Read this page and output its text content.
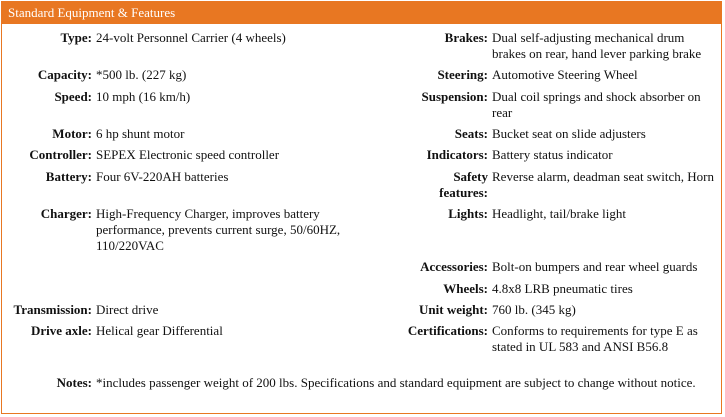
Standard Equipment & Features
Type: 24-volt Personnel Carrier (4 wheels)
Capacity: *500 lb. (227 kg)
Speed: 10 mph (16 km/h)
Motor: 6 hp shunt motor
Controller: SEPEX Electronic speed controller
Battery: Four 6V-220AH batteries
Charger: High-Frequency Charger, improves battery performance, prevents current surge, 50/60HZ, 110/220VAC
Transmission: Direct drive
Drive axle: Helical gear Differential
Brakes: Dual self-adjusting mechanical drum brakes on rear, hand lever parking brake
Steering: Automotive Steering Wheel
Suspension: Dual coil springs and shock absorber on rear
Seats: Bucket seat on slide adjusters
Indicators: Battery status indicator
Safety features:
Reverse alarm, deadman seat switch, Horn
Lights: Headlight, tail/brake light
Accessories: Bolt-on bumpers and rear wheel guards
Wheels: 4.8x8 LRB pneumatic tires
Unit weight: 760 lb. (345 kg)
Certifications: Conforms to requirements for type E as stated in UL 583 and ANSI B56.8
Notes: *includes passenger weight of 200 lbs. Specifications and standard equipment are subject to change without notice.
